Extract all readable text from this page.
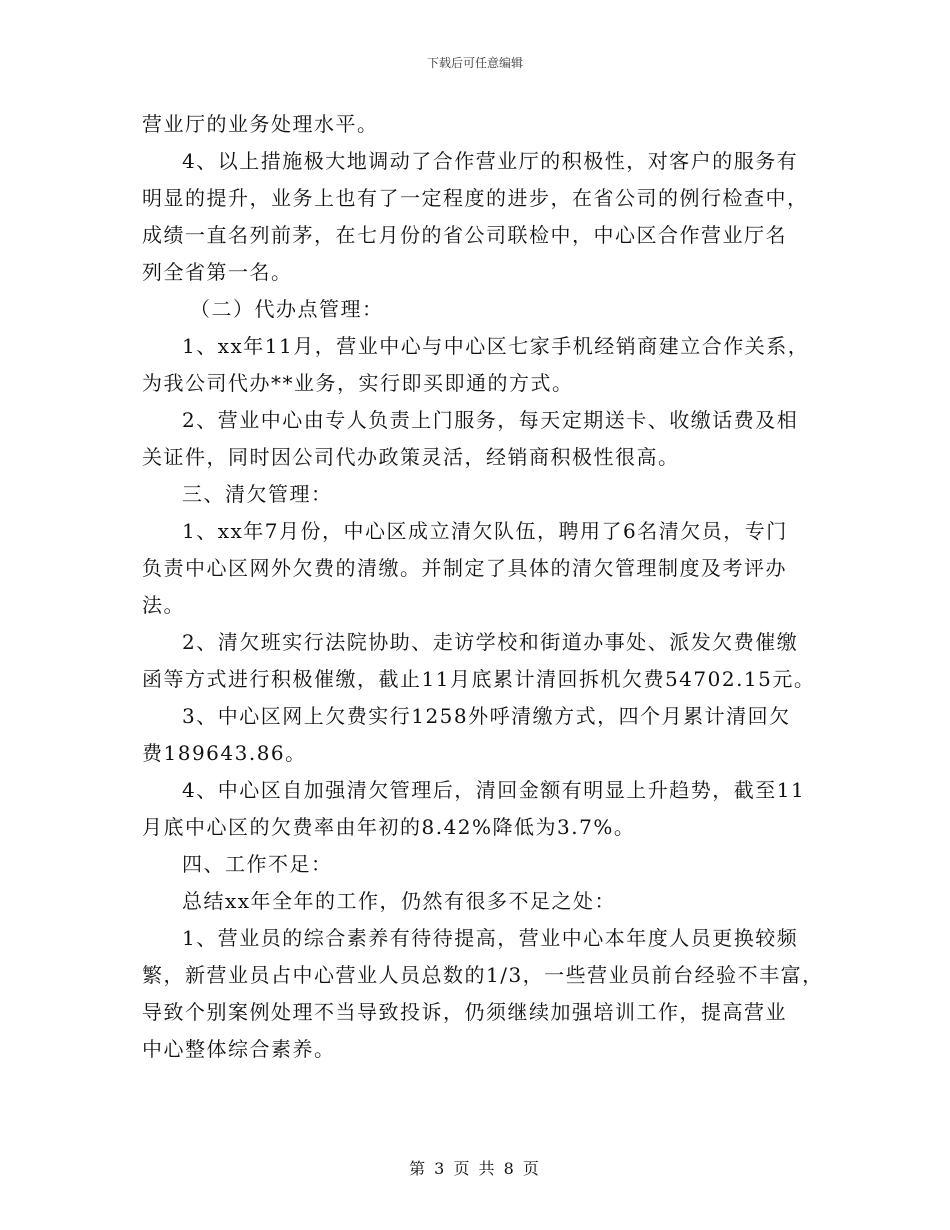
下载后可任意编辑
营业厅的业务处理水平。
4、以上措施极大地调动了合作营业厅的积极性，对客户的服务有
明显的提升，业务上也有了一定程度的进步，在省公司的例行检查中，
成绩一直名列前茅，在七月份的省公司联检中，中心区合作营业厅名
列全省第一名。
（二）代办点管理：
1、xx年11月，营业中心与中心区七家手机经销商建立合作关系，
为我公司代办**业务，实行即买即通的方式。
2、营业中心由专人负责上门服务，每天定期送卡、收缴话费及相
关证件，同时因公司代办政策灵活，经销商积极性很高。
三、清欠管理：
1、xx年7月份，中心区成立清欠队伍，聘用了6名清欠员，专门
负责中心区网外欠费的清缴。并制定了具体的清欠管理制度及考评办
法。
2、清欠班实行法院协助、走访学校和街道办事处、派发欠费催缴
函等方式进行积极催缴，截止11月底累计清回拆机欠费54702.15元。
3、中心区网上欠费实行1258外呼清缴方式，四个月累计清回欠
费189643.86。
4、中心区自加强清欠管理后，清回金额有明显上升趋势，截至11
月底中心区的欠费率由年初的8.42%降低为3.7%。
四、工作不足：
总结xx年全年的工作，仍然有很多不足之处：
1、营业员的综合素养有待待提高，营业中心本年度人员更换较频
繁，新营业员占中心营业人员总数的1/3，一些营业员前台经验不丰富，
导致个别案例处理不当导致投诉，仍须继续加强培训工作，提高营业
中心整体综合素养。
第 3 页 共 8 页
